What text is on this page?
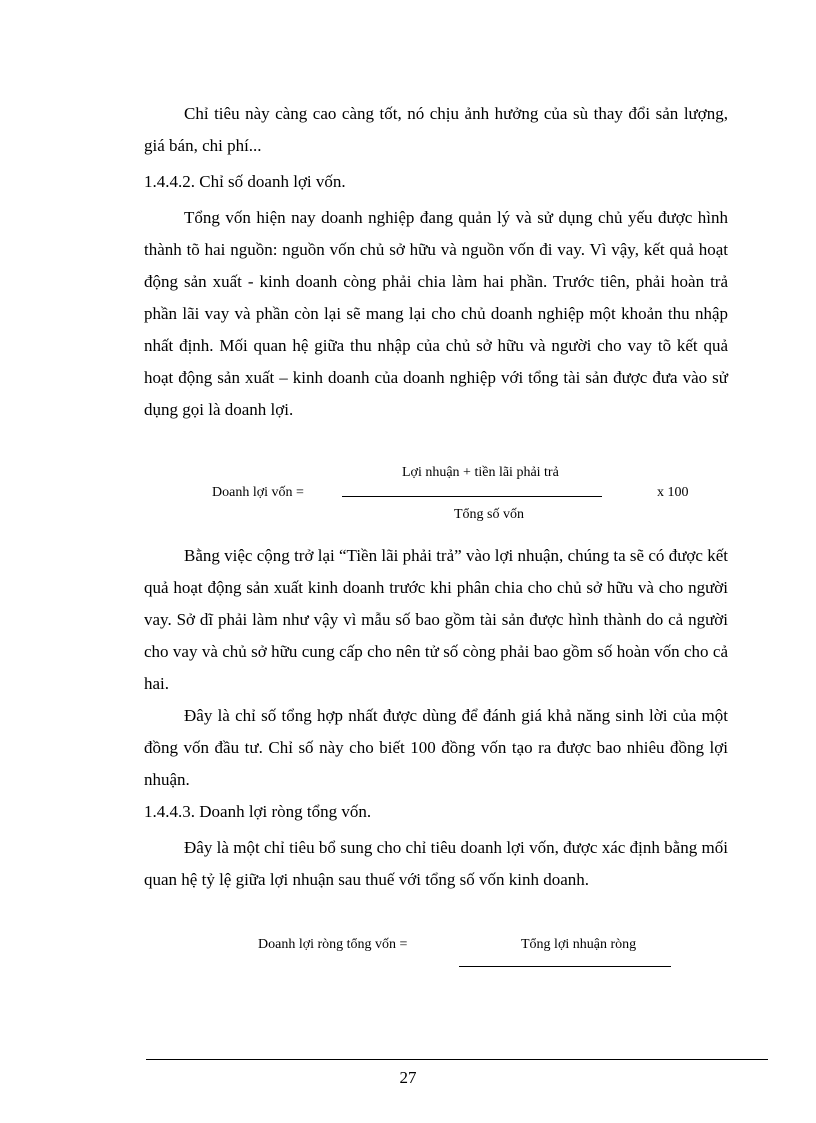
Chỉ tiêu này càng cao càng tốt, nó chịu ảnh hưởng của sù thay đổi sản lượng, giá bán, chi phí...

1.4.4.2. Chỉ số doanh lợi vốn.

Tổng vốn hiện nay doanh nghiệp đang quản lý và sử dụng chủ yếu được hình thành tõ hai nguồn: nguồn vốn chủ sở hữu và nguồn vốn đi vay. Vì vậy, kết quả hoạt động sản xuất - kinh doanh còng phải chia làm hai phần. Trước tiên, phải hoàn trả phần lãi vay và phần còn lại sẽ mang lại cho chủ doanh nghiệp một khoản thu nhập nhất định. Mối quan hệ giữa thu nhập của chủ sở hữu và người cho vay tõ kết quả hoạt động sản xuất – kinh doanh của doanh nghiệp với tổng tài sản được đưa vào sử dụng gọi là doanh lợi.

Doanh lợi vốn =
Lợi nhuận + tiền lãi phải trả
Tổng số vốn
x 100

Bằng việc cộng trở lại “Tiền lãi phải trả” vào lợi nhuận, chúng ta sẽ có được kết quả hoạt động sản xuất kinh doanh trước khi phân chia cho chủ sở hữu và cho người vay. Sở dĩ phải làm như vậy vì mẫu số bao gồm tài sản được hình thành do cả người cho vay và chủ sở hữu cung cấp cho nên tử số còng phải bao gồm số hoàn vốn cho cả hai.

Đây là chỉ số tổng hợp nhất được dùng để đánh giá khả năng sinh lời của một đồng vốn đầu tư. Chỉ số này cho biết 100 đồng vốn tạo ra được bao nhiêu đồng lợi nhuận.

1.4.4.3. Doanh lợi ròng tổng vốn.

Đây là một chỉ tiêu bổ sung cho chỉ tiêu doanh lợi vốn, được xác định bằng mối quan hệ tỷ lệ giữa lợi nhuận sau thuế với tổng số vốn kinh doanh.

Doanh lợi ròng tổng vốn =	Tổng lợi nhuận ròng
27
